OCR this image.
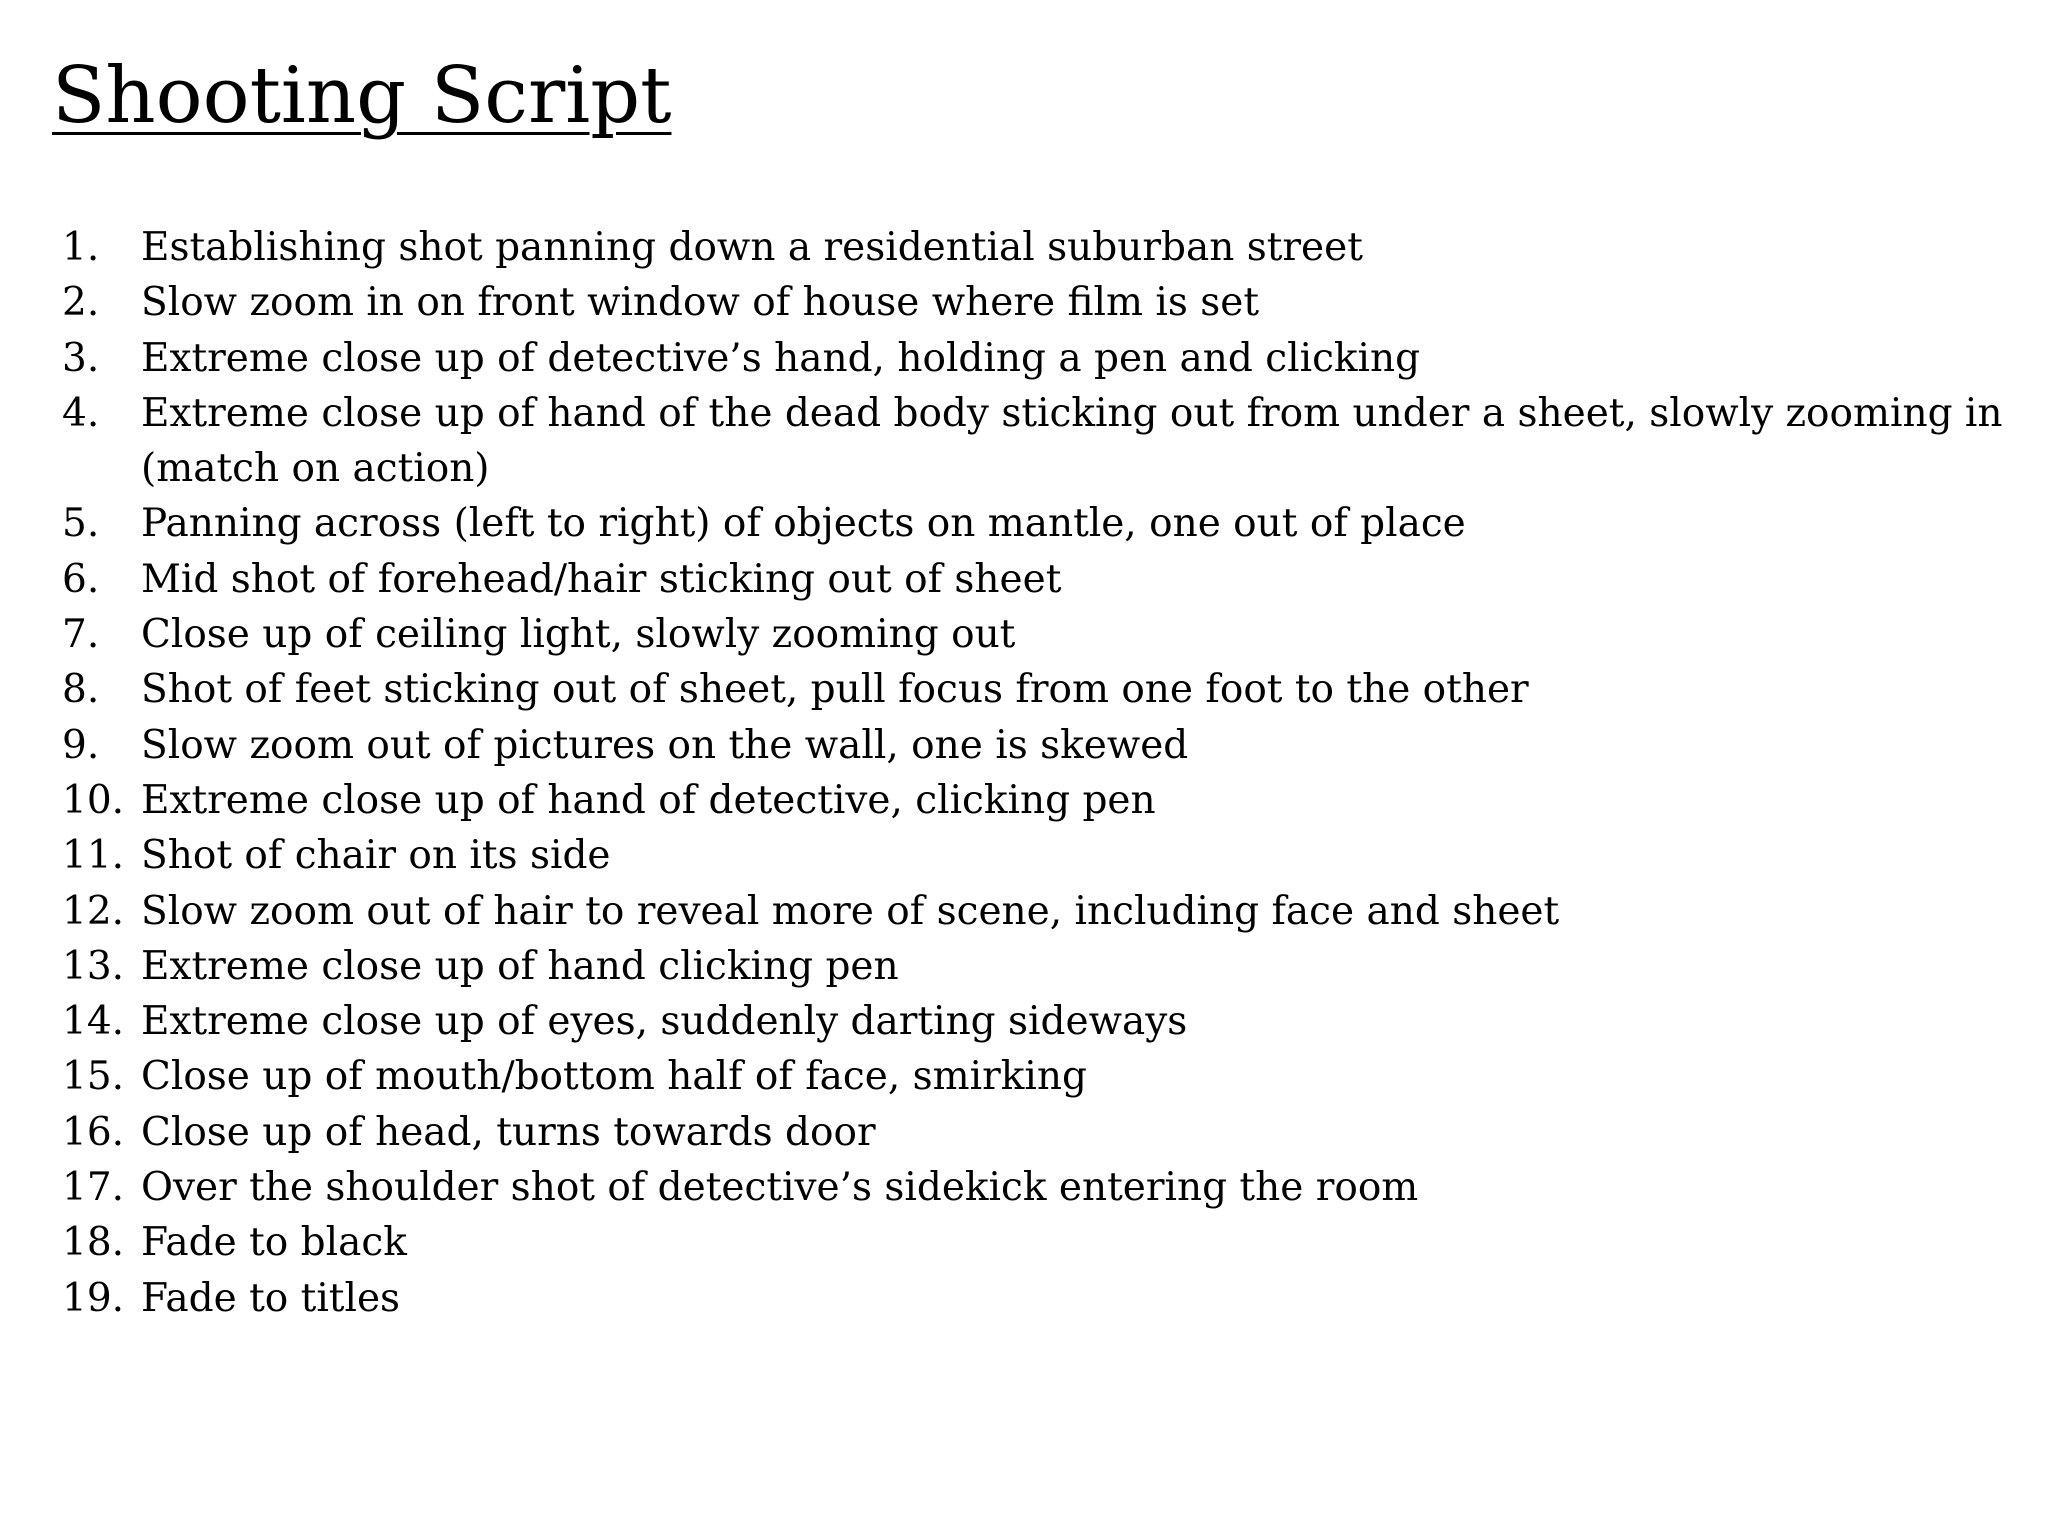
Shooting Script
1.	Establishing shot panning down a residential suburban street
2.	Slow zoom in on front window of house where film is set
3.	Extreme close up of detective’s hand, holding a pen and clicking
4.	Extreme close up of hand of the dead body sticking out from under a sheet, slowly zooming in (match on action)
5.	Panning across (left to right) of objects on mantle, one out of place
6.	Mid shot of forehead/hair sticking out of sheet
7.	Close up of ceiling light, slowly zooming out
8.	Shot of feet sticking out of sheet, pull focus from one foot to the other
9.	Slow zoom out of pictures on the wall, one is skewed
10. Extreme close up of hand of detective, clicking pen
11. Shot of chair on its side
12. Slow zoom out of hair to reveal more of scene, including face and sheet
13. Extreme close up of hand clicking pen
14. Extreme close up of eyes, suddenly darting sideways
15. Close up of mouth/bottom half of face, smirking
16. Close up of head, turns towards door
17. Over the shoulder shot of detective’s sidekick entering the room
18. Fade to black
19. Fade to titles
